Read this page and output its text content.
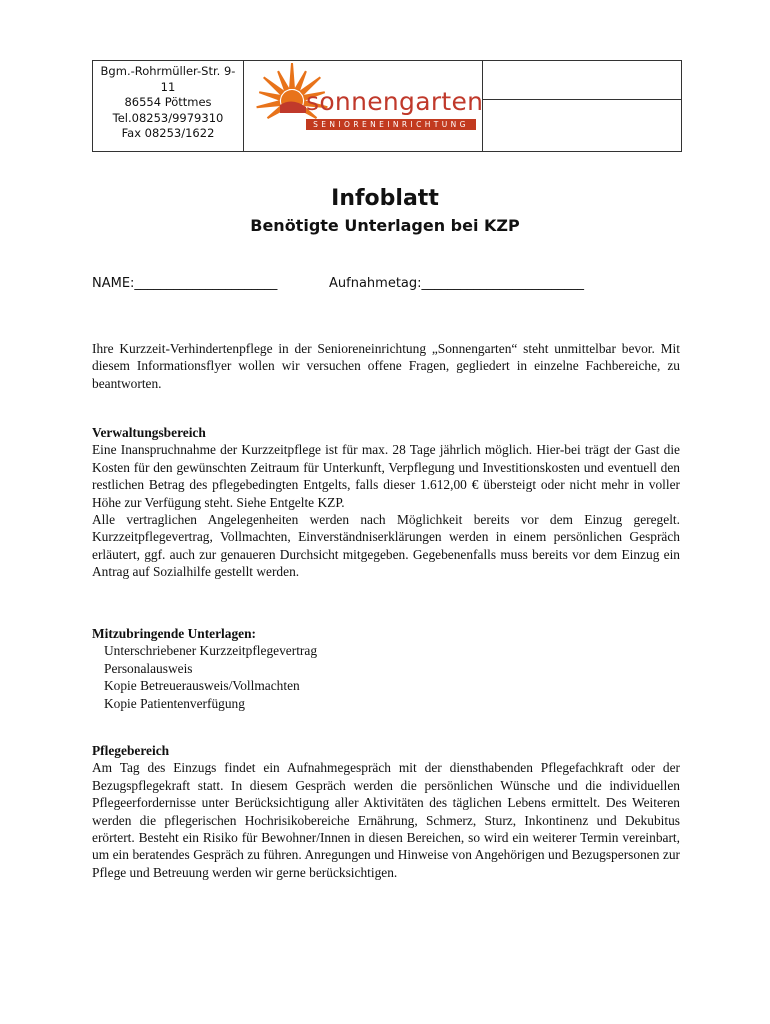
Bgm.-Rohrmüller-Str. 9-
11
86554 Pöttmes
Tel.08253/9979310
Fax 08253/1622
sonnengarten
SENIORENEINRICHTUNG
Infoblatt
Benötigte Unterlagen bei KZP
NAME:______________________	Aufnahmetag:_________________________

Ihre Kurzzeit-Verhindertenpflege in der Senioreneinrichtung „Sonnengarten“ steht unmittelbar bevor. Mit diesem Informationsflyer wollen wir versuchen offene Fragen, gegliedert in einzelne Fachbereiche, zu beantworten.

Verwaltungsbereich

Eine Inanspruchnahme der Kurzzeitpflege ist für max. 28 Tage jährlich möglich. Hier-bei trägt der Gast die Kosten für den gewünschten Zeitraum für Unterkunft, Verpflegung und Investitionskosten und eventuell den restlichen Betrag des pflegebedingten Entgelts, falls dieser 1.612,00 € übersteigt oder nicht mehr in voller Höhe zur Verfügung steht. Siehe Entgelte KZP.

Alle vertraglichen Angelegenheiten werden nach Möglichkeit bereits vor dem Einzug geregelt. Kurzzeitpflegevertrag, Vollmachten, Einverständniserklärungen werden in einem persönlichen Gespräch erläutert, ggf. auch zur genaueren Durchsicht mitgegeben. Gegebenenfalls muss bereits vor dem Einzug ein Antrag auf Sozialhilfe gestellt werden.

Mitzubringende Unterlagen:

Unterschriebener Kurzzeitpflegevertrag
Personalausweis
Kopie Betreuerausweis/Vollmachten
Kopie Patientenverfügung

Pflegebereich

Am Tag des Einzugs findet ein Aufnahmegespräch mit der diensthabenden Pflegefachkraft oder der Bezugspflegekraft statt. In diesem Gespräch werden die persönlichen Wünsche und die individuellen Pflegeerfordernisse unter Berücksichtigung aller Aktivitäten des täglichen Lebens ermittelt. Des Weiteren werden die pflegerischen Hochrisikobereiche Ernährung, Schmerz, Sturz, Inkontinenz und Dekubitus erörtert. Besteht ein Risiko für Bewohner/Innen in diesen Bereichen, so wird ein weiterer Termin vereinbart, um ein beratendes Gespräch zu führen. Anregungen und Hinweise von Angehörigen und Bezugspersonen zur Pflege und Betreuung werden wir gerne berücksichtigen.
